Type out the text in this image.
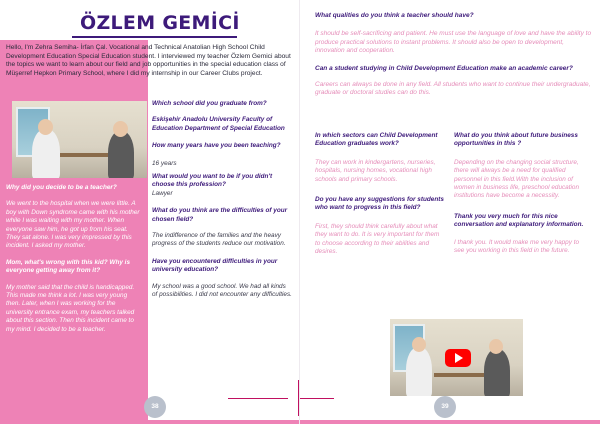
ÖZLEM GEMİCİ

Hello, I'm Zehra Semiha- İrfan Çal. Vocational and Technical Anatolian High School Child Development Education Special Education student. I interviewed my teacher Özlem Gemici about the topics we want to learn about our field and job opportunities in the special education class of Müşerref Hepkon Primary School, where I did my internship in our Career Clubs project.

Why did you decide to be a teacher?

We went to the hospital when we were little. A boy with Down syndrome came with his mother while I was waiting with my mother. When everyone saw him, he got up from his seat. They sat alone. I was very impressed by this incident. I asked my mother.

Mom, what's wrong with this kid? Why is everyone getting away from it?

My mother said that the child is handicapped. This made me think a lot. I was very young then. Later, when I was working for the university entrance exam, my teachers talked about this section. Then this incident came to my mind. I decided to be a teacher.

Which school did you graduate from?

Eskişehir Anadolu University Faculty of Education Department of Special Education

How many years have you been teaching?

16 years

What would you want to be if you didn't choose this profession?

Lawyer

What do you think are the difficulties of your chosen field?

The indifference of the families and the heavy progress of the students reduce our motivation.

Have you encountered difficulties in your university education?

My school was a good school. We had all kinds of possibilities. I did not encounter any difficulties.

38

What qualities do you think a teacher should have?

It should be self-sacrificing and patient. He must use the language of love and have the ability to produce practical solutions to instant problems. It should also be open to development, innovation and cooperation.

Can a student studying in Child Development Education make an academic career?

Careers can always be done in any field. All students who want to continue their undergraduate, graduate or doctoral studies can do this.

In which sectors can Child Development Education graduates work?

They can work in kindergartens, nurseries, hospitals, nursing homes, vocational high schools and primary schools.

Do you have any suggestions for students who want to progress in this field?

First, they should think carefully about what they want to do. It is very important for them to choose according to their abilities and desires.

What do you think about future business opportunities in this ?

Depending on the changing social structure, there will always be a need for qualified personnel in this field.With the inclusion of women in business life, preschool education institutions have become a necessity.

Thank you very much for this nice conversation and explanatory information.

I thank you. It would make me very happy to see you working in this field in the future.

39
